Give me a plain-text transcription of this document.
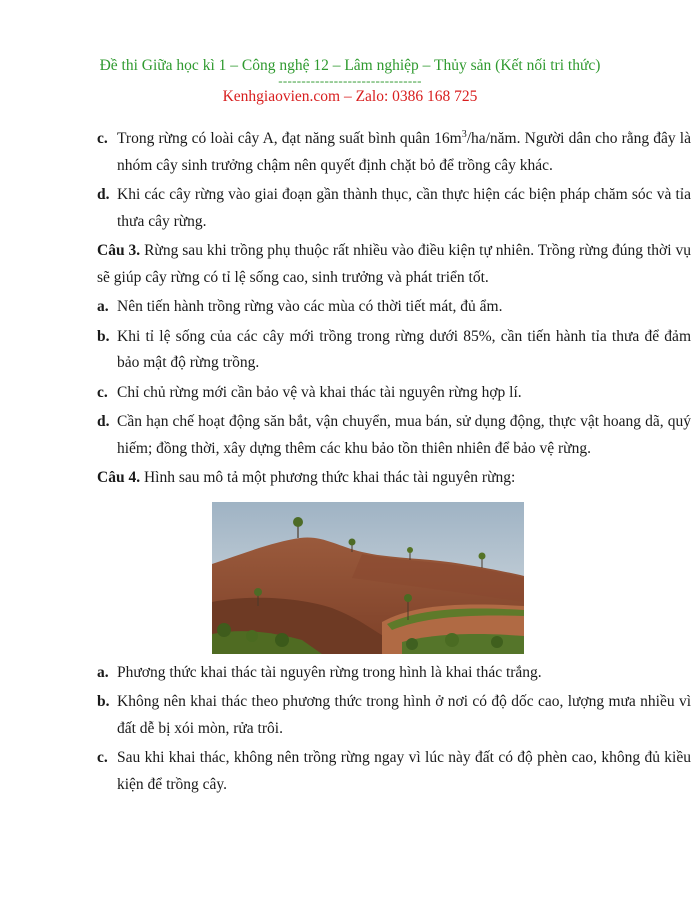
Đề thi Giữa học kì 1 – Công nghệ 12 – Lâm nghiệp – Thủy sản (Kết nối tri thức)
-------------------------------
Kenhgiaovien.com – Zalo: 0386 168 725
c. Trong rừng có loài cây A, đạt năng suất bình quân $16m^3/ha$/năm. Người dân cho rằng đây là nhóm cây sinh trưởng chậm nên quyết định chặt bỏ để trồng cây khác.
d. Khi các cây rừng vào giai đoạn gần thành thục, cần thực hiện các biện pháp chăm sóc và tỉa thưa cây rừng.
Câu 3. Rừng sau khi trồng phụ thuộc rất nhiều vào điều kiện tự nhiên. Trồng rừng đúng thời vụ sẽ giúp cây rừng có tỉ lệ sống cao, sinh trưởng và phát triển tốt.
a. Nên tiến hành trồng rừng vào các mùa có thời tiết mát, đủ ẩm.
b. Khi tỉ lệ sống của các cây mới trồng trong rừng dưới 85%, cần tiến hành tỉa thưa để đảm bảo mật độ rừng trồng.
c. Chỉ chủ rừng mới cần bảo vệ và khai thác tài nguyên rừng hợp lí.
d. Cần hạn chế hoạt động săn bắt, vận chuyển, mua bán, sử dụng động, thực vật hoang dã, quý hiếm; đồng thời, xây dựng thêm các khu bảo tồn thiên nhiên để bảo vệ rừng.
Câu 4. Hình sau mô tả một phương thức khai thác tài nguyên rừng:
a. Phương thức khai thác tài nguyên rừng trong hình là khai thác trắng.
b. Không nên khai thác theo phương thức trong hình ở nơi có độ dốc cao, lượng mưa nhiều vì đất dễ bị xói mòn, rửa trôi.
c. Sau khi khai thác, không nên trồng rừng ngay vì lúc này đất có độ phèn cao, không đủ kiều kiện để trồng cây.
